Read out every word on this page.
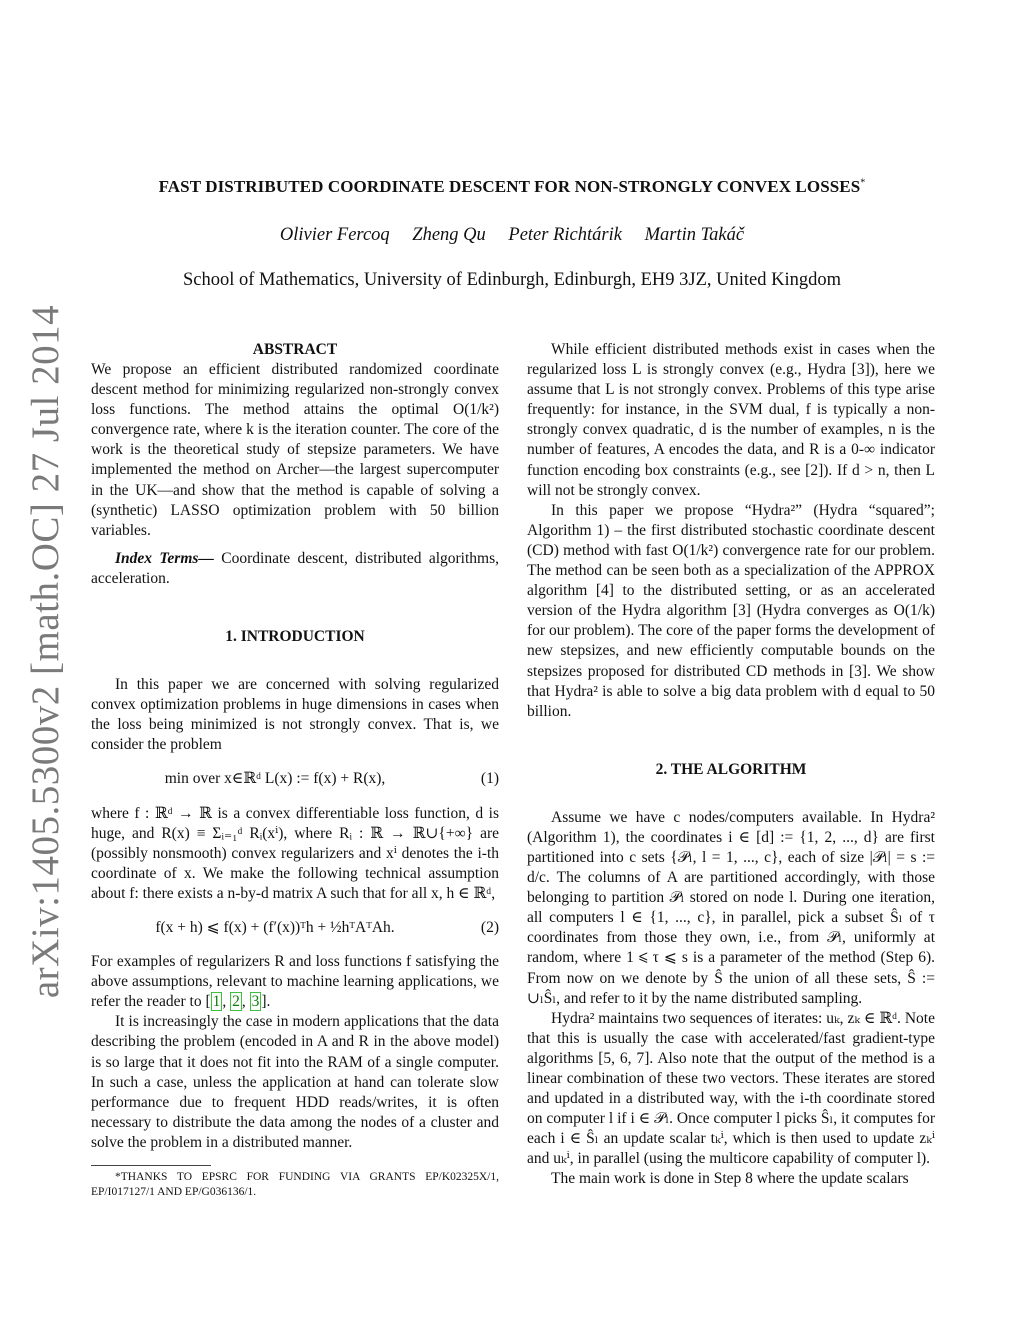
arXiv:1405.5300v2 [math.OC] 27 Jul 2014
FAST DISTRIBUTED COORDINATE DESCENT FOR NON-STRONGLY CONVEX LOSSES*
Olivier Fercoq Zheng Qu Peter Richtárik Martin Takáč
School of Mathematics, University of Edinburgh, Edinburgh, EH9 3JZ, United Kingdom
ABSTRACT

We propose an efficient distributed randomized coordinate descent method for minimizing regularized non-strongly convex loss functions. The method attains the optimal O(1/k²) convergence rate, where k is the iteration counter. The core of the work is the theoretical study of stepsize parameters. We have implemented the method on Archer—the largest supercomputer in the UK—and show that the method is capable of solving a (synthetic) LASSO optimization problem with 50 billion variables.

Index Terms— Coordinate descent, distributed algorithms, acceleration.

1. INTRODUCTION

In this paper we are concerned with solving regularized convex optimization problems in huge dimensions in cases when the loss being minimized is not strongly convex. That is, we consider the problem

min over x∈ℝᵈ L(x) := f(x) + R(x),	(1)

where f : ℝᵈ → ℝ is a convex differentiable loss function, d is huge, and R(x) ≡ Σᵢ₌₁ᵈ Rᵢ(xⁱ), where Rᵢ : ℝ → ℝ∪{+∞} are (possibly nonsmooth) convex regularizers and xⁱ denotes the i-th coordinate of x. We make the following technical assumption about f: there exists a n-by-d matrix A such that for all x, h ∈ ℝᵈ,

f(x + h) ⩽ f(x) + (f′(x))ᵀh + ½hᵀAᵀAh.	(2)

For examples of regularizers R and loss functions f satisfying the above assumptions, relevant to machine learning applications, we refer the reader to [ 1 , 2 , 3 ].

It is increasingly the case in modern applications that the data describing the problem (encoded in A and R in the above model) is so large that it does not fit into the RAM of a single computer. In such a case, unless the application at hand can tolerate slow performance due to frequent HDD reads/writes, it is often necessary to distribute the data among the nodes of a cluster and solve the problem in a distributed manner.

*THANKS TO EPSRC FOR FUNDING VIA GRANTS EP/K02325X/1, EP/I017127/1 AND EP/G036136/1.

While efficient distributed methods exist in cases when the regularized loss L is strongly convex (e.g., Hydra [3]), here we assume that L is not strongly convex. Problems of this type arise frequently: for instance, in the SVM dual, f is typically a non-strongly convex quadratic, d is the number of examples, n is the number of features, A encodes the data, and R is a 0-∞ indicator function encoding box constraints (e.g., see [2]). If d > n, then L will not be strongly convex.

In this paper we propose “Hydra²” (Hydra “squared”; Algorithm 1) – the first distributed stochastic coordinate descent (CD) method with fast O(1/k²) convergence rate for our problem. The method can be seen both as a specialization of the APPROX algorithm [4] to the distributed setting, or as an accelerated version of the Hydra algorithm [3] (Hydra converges as O(1/k) for our problem). The core of the paper forms the development of new stepsizes, and new efficiently computable bounds on the stepsizes proposed for distributed CD methods in [3]. We show that Hydra² is able to solve a big data problem with d equal to 50 billion.

2. THE ALGORITHM

Assume we have c nodes/computers available. In Hydra² (Algorithm 1), the coordinates i ∈ [d] := {1, 2, ..., d} are first partitioned into c sets {𝒫ₗ, l = 1, ..., c}, each of size |𝒫ₗ| = s := d/c. The columns of A are partitioned accordingly, with those belonging to partition 𝒫ₗ stored on node l. During one iteration, all computers l ∈ {1, ..., c}, in parallel, pick a subset Ŝₗ of τ coordinates from those they own, i.e., from 𝒫ₗ, uniformly at random, where 1 ⩽ τ ⩽ s is a parameter of the method (Step 6). From now on we denote by Ŝ the union of all these sets, Ŝ := ∪ₗŜₗ, and refer to it by the name distributed sampling.

Hydra² maintains two sequences of iterates: uₖ, zₖ ∈ ℝᵈ. Note that this is usually the case with accelerated/fast gradient-type algorithms [5, 6, 7]. Also note that the output of the method is a linear combination of these two vectors. These iterates are stored and updated in a distributed way, with the i-th coordinate stored on computer l if i ∈ 𝒫ₗ. Once computer l picks Ŝₗ, it computes for each i ∈ Ŝₗ an update scalar tₖⁱ, which is then used to update zₖⁱ and uₖⁱ, in parallel (using the multicore capability of computer l).

The main work is done in Step 8 where the update scalars
